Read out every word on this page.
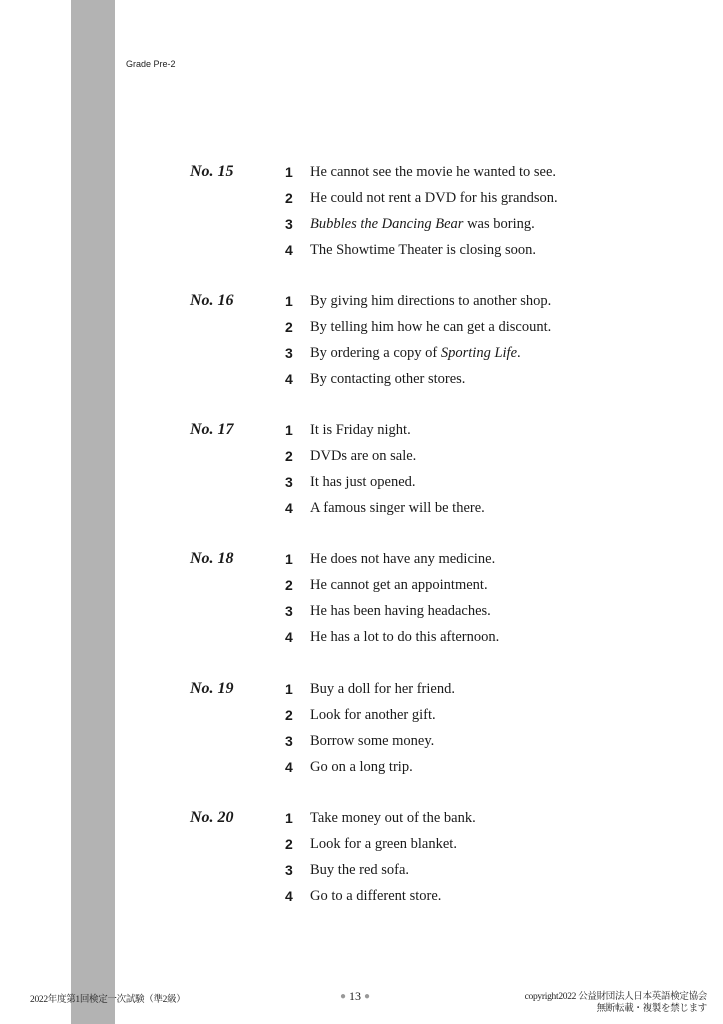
Grade Pre-2
No. 15	1 He cannot see the movie he wanted to see.
2 He could not rent a DVD for his grandson.
3 Bubbles the Dancing Bear was boring.
4 The Showtime Theater is closing soon.
No. 16	1 By giving him directions to another shop.
2 By telling him how he can get a discount.
3 By ordering a copy of Sporting Life.
4 By contacting other stores.
No. 17	1 It is Friday night.
2 DVDs are on sale.
3 It has just opened.
4 A famous singer will be there.
No. 18	1 He does not have any medicine.
2 He cannot get an appointment.
3 He has been having headaches.
4 He has a lot to do this afternoon.
No. 19	1 Buy a doll for her friend.
2 Look for another gift.
3 Borrow some money.
4 Go on a long trip.
No. 20	1 Take money out of the bank.
2 Look for a green blanket.
3 Buy the red sofa.
4 Go to a different store.
2022年度第1回検定一次試験（準2級）	● 13 ●	copyright2022 公益財団法人日本英語検定協会
無断転載・複製を禁じます
